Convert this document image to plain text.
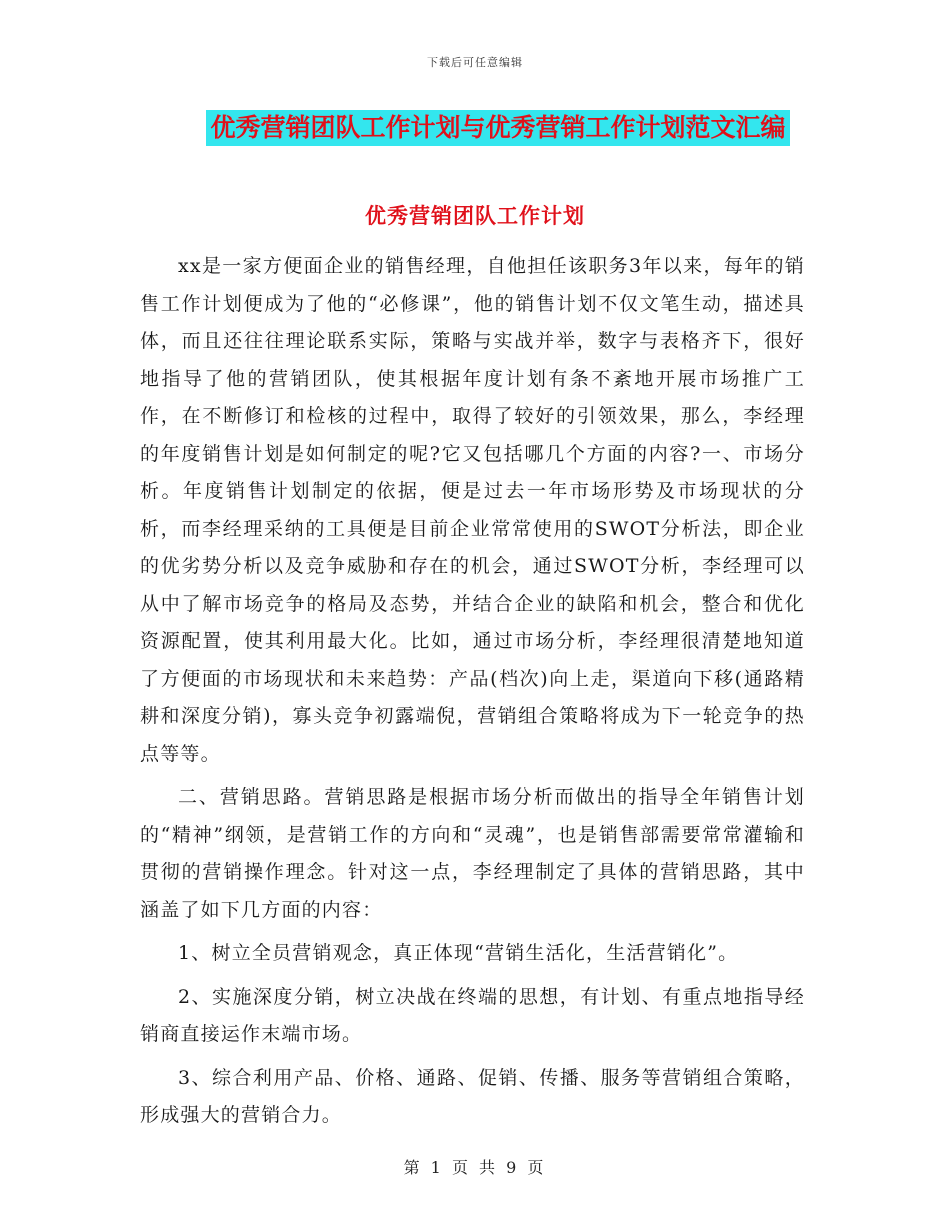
下载后可任意编辑
优秀营销团队工作计划与优秀营销工作计划范文汇编
优秀营销团队工作计划

xx是一家方便面企业的销售经理，自他担任该职务3年以来，每年的销售工作计划便成为了他的“必修课”，他的销售计划不仅文笔生动，描述具体，而且还往往理论联系实际，策略与实战并举，数字与表格齐下，很好地指导了他的营销团队，使其根据年度计划有条不紊地开展市场推广工作，在不断修订和检核的过程中，取得了较好的引领效果，那么，李经理的年度销售计划是如何制定的呢?它又包括哪几个方面的内容?一、市场分析。年度销售计划制定的依据，便是过去一年市场形势及市场现状的分析，而李经理采纳的工具便是目前企业常常使用的SWOT分析法，即企业的优劣势分析以及竞争威胁和存在的机会，通过SWOT分析，李经理可以从中了解市场竞争的格局及态势，并结合企业的缺陷和机会，整合和优化资源配置，使其利用最大化。比如，通过市场分析，李经理很清楚地知道了方便面的市场现状和未来趋势：产品(档次)向上走，渠道向下移(通路精耕和深度分销)，寡头竞争初露端倪，营销组合策略将成为下一轮竞争的热点等等。

二、营销思路。营销思路是根据市场分析而做出的指导全年销售计划的“精神”纲领，是营销工作的方向和“灵魂”，也是销售部需要常常灌输和贯彻的营销操作理念。针对这一点，李经理制定了具体的营销思路，其中涵盖了如下几方面的内容：

1、树立全员营销观念，真正体现“营销生活化，生活营销化”。

2、实施深度分销，树立决战在终端的思想，有计划、有重点地指导经销商直接运作末端市场。

3、综合利用产品、价格、通路、促销、传播、服务等营销组合策略，形成强大的营销合力。

第 1 页 共 9 页
